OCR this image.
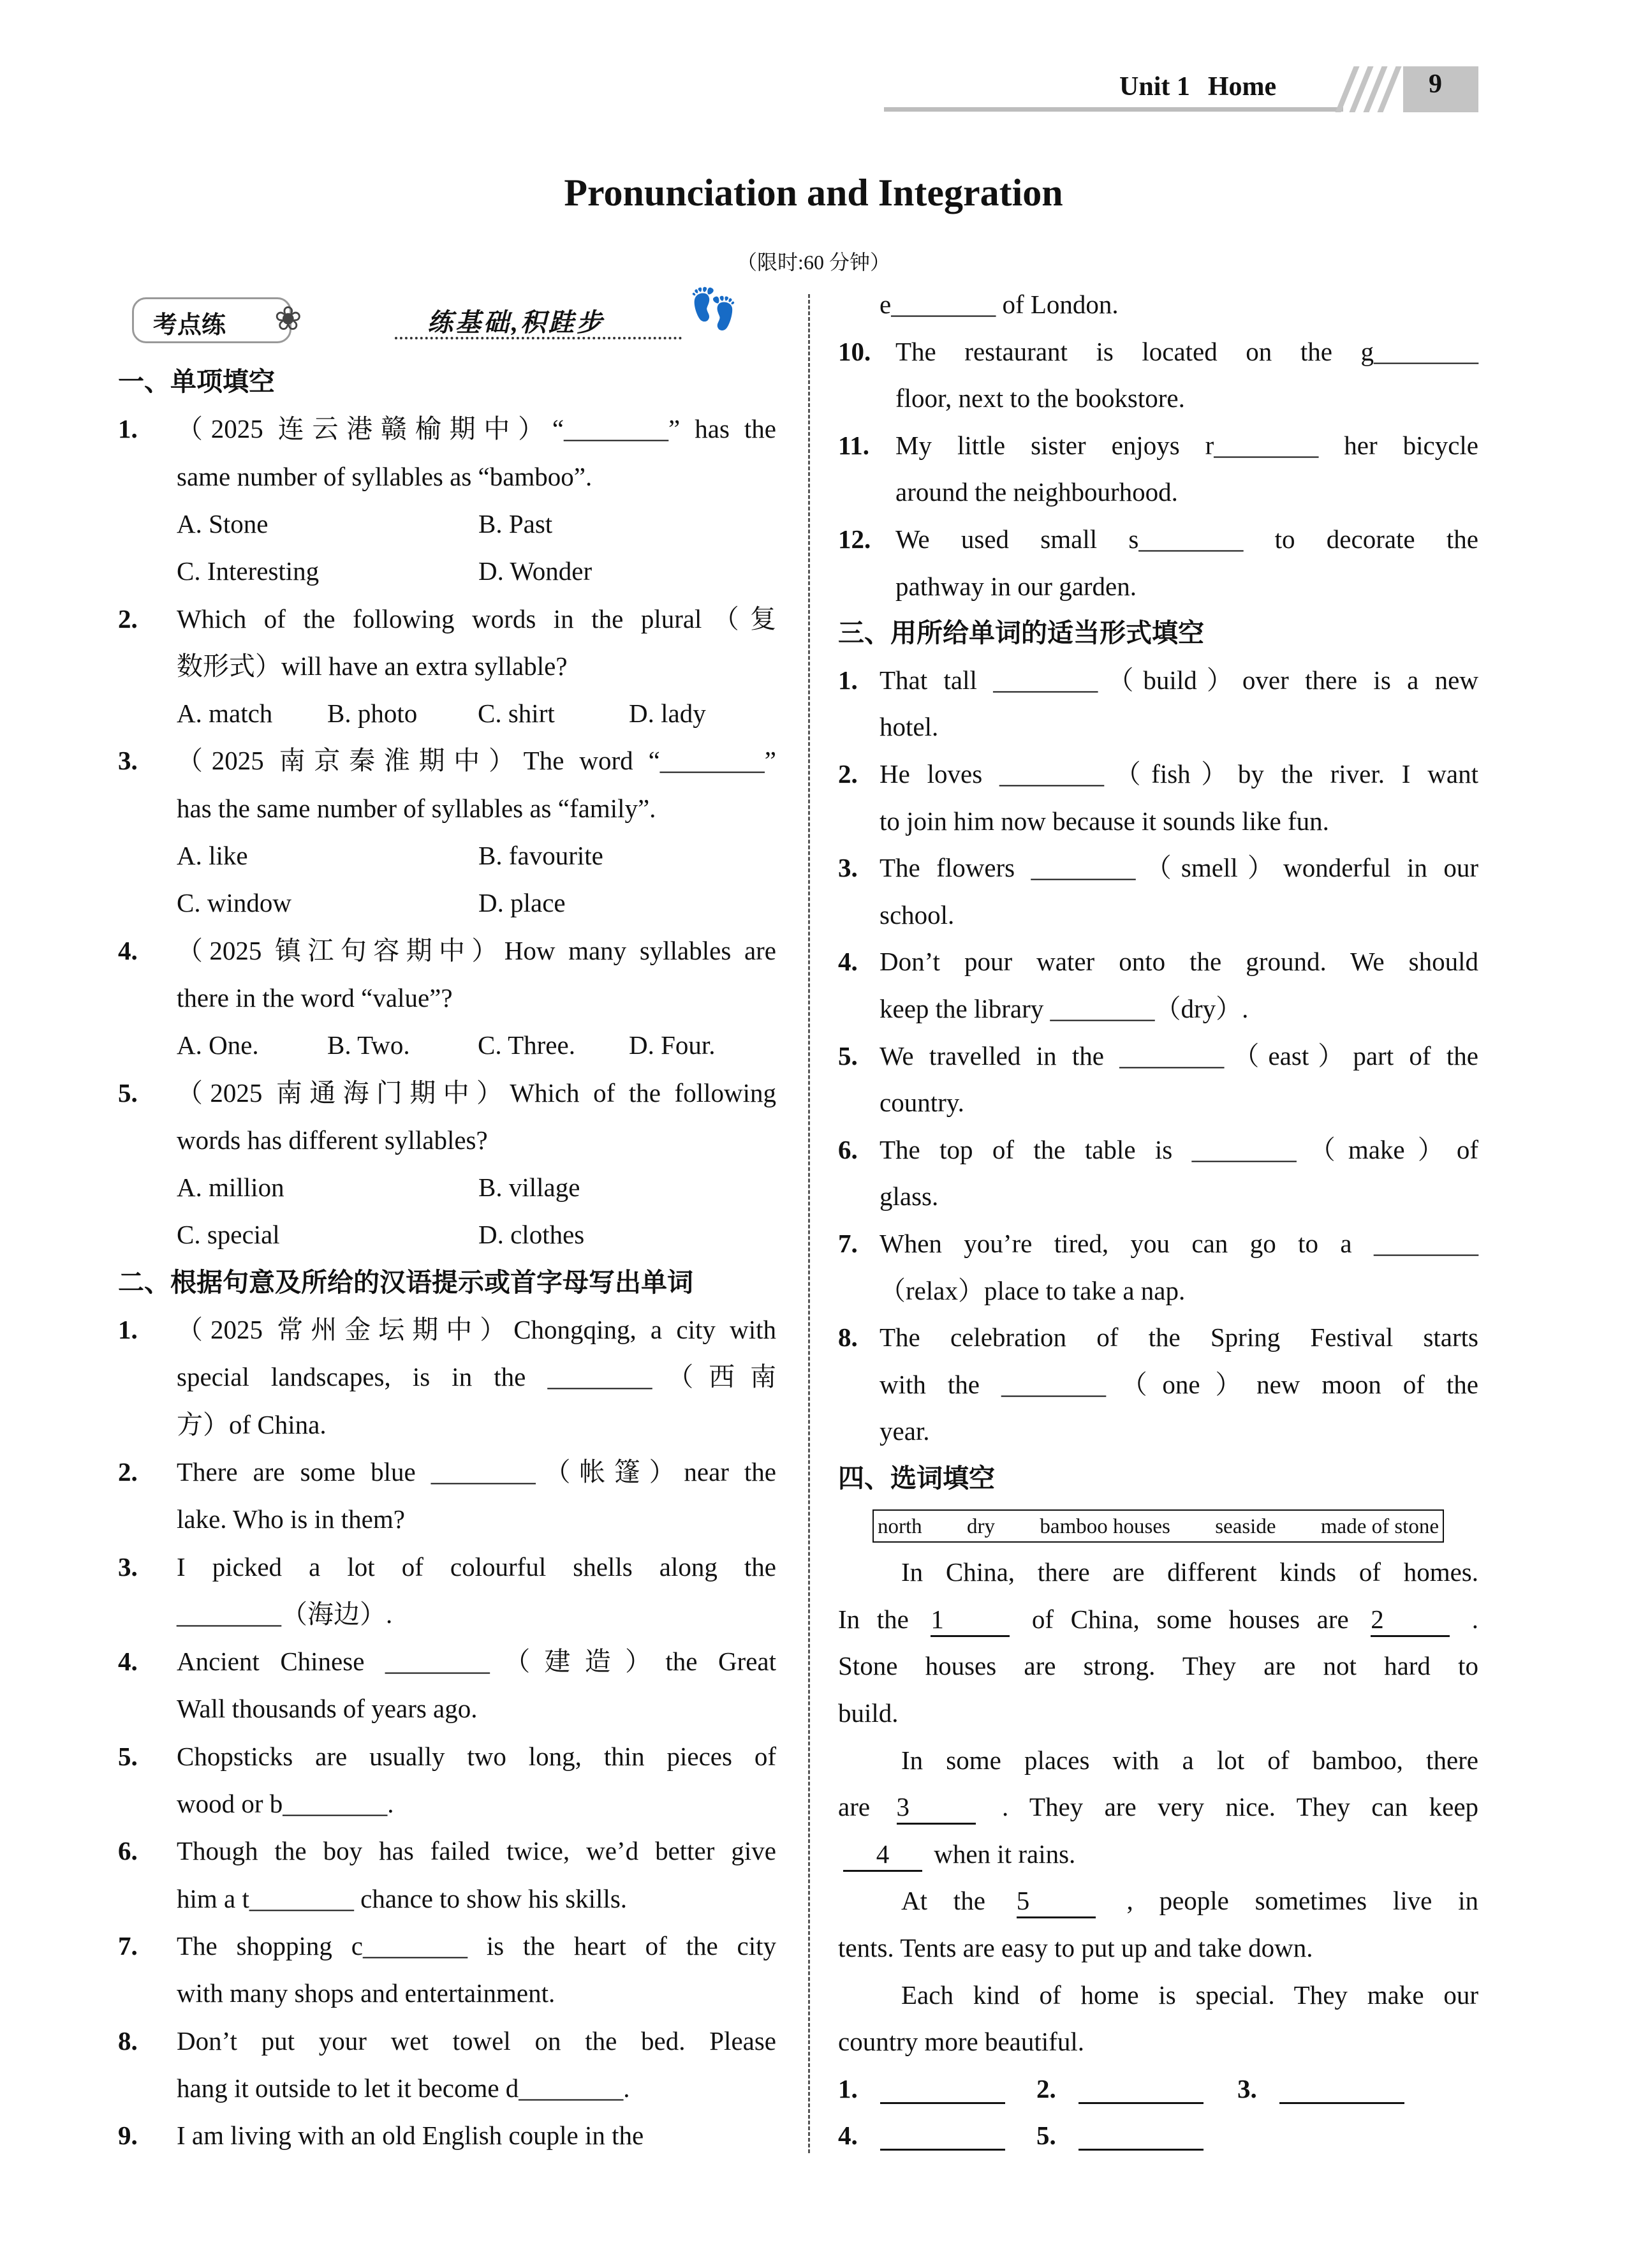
Unit 1 Home	9
Pronunciation and Integration
（限时:60 分钟）
考点练 ❀	练基础,积跬步 👣
一、单项填空
1. （2025 连云港赣榆期中）“________” has the
same number of syllables as “bamboo”.
A. Stone	B. Past
C. Interesting	D. Wonder
2. Which of the following words in the plural（复
数形式）will have an extra syllable?
A. match B. photo C. shirt	D. lady
3. （2025 南京秦淮期中）The word “________”
has the same number of syllables as “family”.
A. like	B. favourite
C. window	D. place
4. （2025 镇江句容期中）How many syllables are
there in the word “value”?
A. One.	B. Two.	C. Three. D. Four.
5. （2025 南通海门期中）Which of the following
words has different syllables?
A. million	B. village
C. special	D. clothes
二、根据句意及所给的汉语提示或首字母写出单词
1. （2025 常州金坛期中）Chongqing, a city with
special landscapes, is in the ________（西南
方）of China.
2. There are some blue ________（帐篷）near the
lake. Who is in them?
3. I picked a lot of colourful shells along the
________（海边）.
4. Ancient Chinese ________（建造）the Great
Wall thousands of years ago.
5. Chopsticks are usually two long, thin pieces of
wood or b________.
6. Though the boy has failed twice, we’d better give
him a t________ chance to show his skills.
7. The shopping c________ is the heart of the city
with many shops and entertainment.
8. Don’t put your wet towel on the bed. Please
hang it outside to let it become d________.
9. I am living with an old English couple in the
e________ of London.
10. The restaurant is located on the g________
floor, next to the bookstore.
11. My little sister enjoys r________ her bicycle
around the neighbourhood.
12. We used small s________ to decorate the
pathway in our garden.
三、用所给单词的适当形式填空
1. That tall ________（build）over there is a new
hotel.
2. He loves ________（fish）by the river. I want
to join him now because it sounds like fun.
3. The flowers ________（smell）wonderful in our
school.
4. Don’t pour water onto the ground. We should
keep the library ________（dry）.
5. We travelled in the ________（east）part of the
country.
6. The top of the table is ________（make）of
glass.
7. When you’re tired, you can go to a ________
（relax）place to take a nap.
8. The celebration of the Spring Festival starts
with the ________（one）new moon of the
year.
四、选词填空
north dry bamboo houses seaside made of stone
In China, there are different kinds of homes.
In the 1	of China, some houses are 2	.
Stone houses are strong. They are not hard to
build.
In some places with a lot of bamboo, there
are 3	. They are very nice. They can keep
4 when it rains.
At the 5	, people sometimes live in
tents. Tents are easy to put up and take down.
Each kind of home is special. They make our
country more beautiful.
1.	2.	3.
4.	5.
